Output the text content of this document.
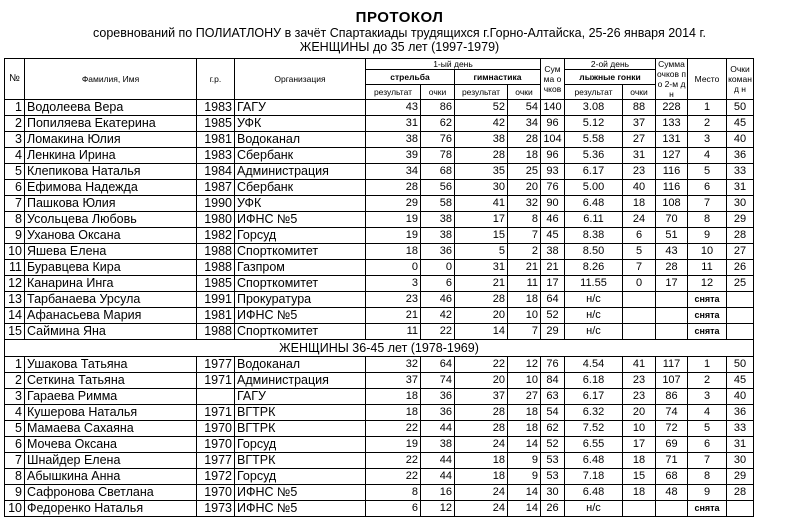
ПРОТОКОЛ
соревнований по ПОЛИАТЛОНУ в зачёт Спартакиады трудящихся г.Горно-Алтайска, 25-26 января 2014 г.
ЖЕНЩИНЫ до 35 лет (1997-1979)
№	Фамилия, Имя	г.р.	Организация	1-ый день				Сумма очков	2-ой день		Сумма очков по 2-м дн	Место	Очки команд н
				стрельба		гимнастика			лыжные гонки				
				результат	очки	результат	очки		результат	очки			
1	Водолеева Вера	1983	ГАГУ	43	86	52	54	140	3.08	88	228	1	50
2	Попиляева Екатерина	1985	УФК	31	62	42	34	96	5.12	37	133	2	45
3	Ломакина Юлия	1981	Водоканал	38	76	38	28	104	5.58	27	131	3	40
4	Ленкина Ирина	1983	Сбербанк	39	78	28	18	96	5.36	31	127	4	36
5	Клепикова Наталья	1984	Администрация	34	68	35	25	93	6.17	23	116	5	33
6	Ефимова Надежда	1987	Сбербанк	28	56	30	20	76	5.00	40	116	6	31
7	Пашкова Юлия	1990	УФК	29	58	41	32	90	6.48	18	108	7	30
8	Усольцева Любовь	1980	ИФНС №5	19	38	17	8	46	6.11	24	70	8	29
9	Уханова Оксана	1982	Горсуд	19	38	15	7	45	8.38	6	51	9	28
10	Яшева Елена	1988	Спорткомитет	18	36	5	2	38	8.50	5	43	10	27
11	Буравцева Кира	1988	Газпром	0	0	31	21	21	8.26	7	28	11	26
12	Канарина Инга	1985	Спорткомитет	3	6	21	11	17	11.55	0	17	12	25
13	Тарбанаева Урсула	1991	Прокуратура	23	46	28	18	64	н/с			снята	
14	Афанасьева Мария	1981	ИФНС №5	21	42	20	10	52	н/с			снята	
15	Саймина Яна	1988	Спорткомитет	11	22	14	7	29	н/с			снята	
ЖЕНЩИНЫ 36-45 лет (1978-1969)													
1	Ушакова Татьяна	1977	Водоканал	32	64	22	12	76	4.54	41	117	1	50
2	Сеткина Татьяна	1971	Администрация	37	74	20	10	84	6.18	23	107	2	45
3	Гараева Римма		ГАГУ	18	36	37	27	63	6.17	23	86	3	40
4	Кушерова Наталья	1971	ВГТРК	18	36	28	18	54	6.32	20	74	4	36
5	Мамаева Сахаяна	1970	ВГТРК	22	44	28	18	62	7.52	10	72	5	33
6	Мочева Оксана	1970	Горсуд	19	38	24	14	52	6.55	17	69	6	31
7	Шнайдер Елена	1977	ВГТРК	22	44	18	9	53	6.48	18	71	7	30
8	Абышкина Анна	1972	Горсуд	22	44	18	9	53	7.18	15	68	8	29
9	Сафронова Светлана	1970	ИФНС №5	8	16	24	14	30	6.48	18	48	9	28
10	Федоренко Наталья	1973	ИФНС №5	6	12	24	14	26	н/с			снята	
